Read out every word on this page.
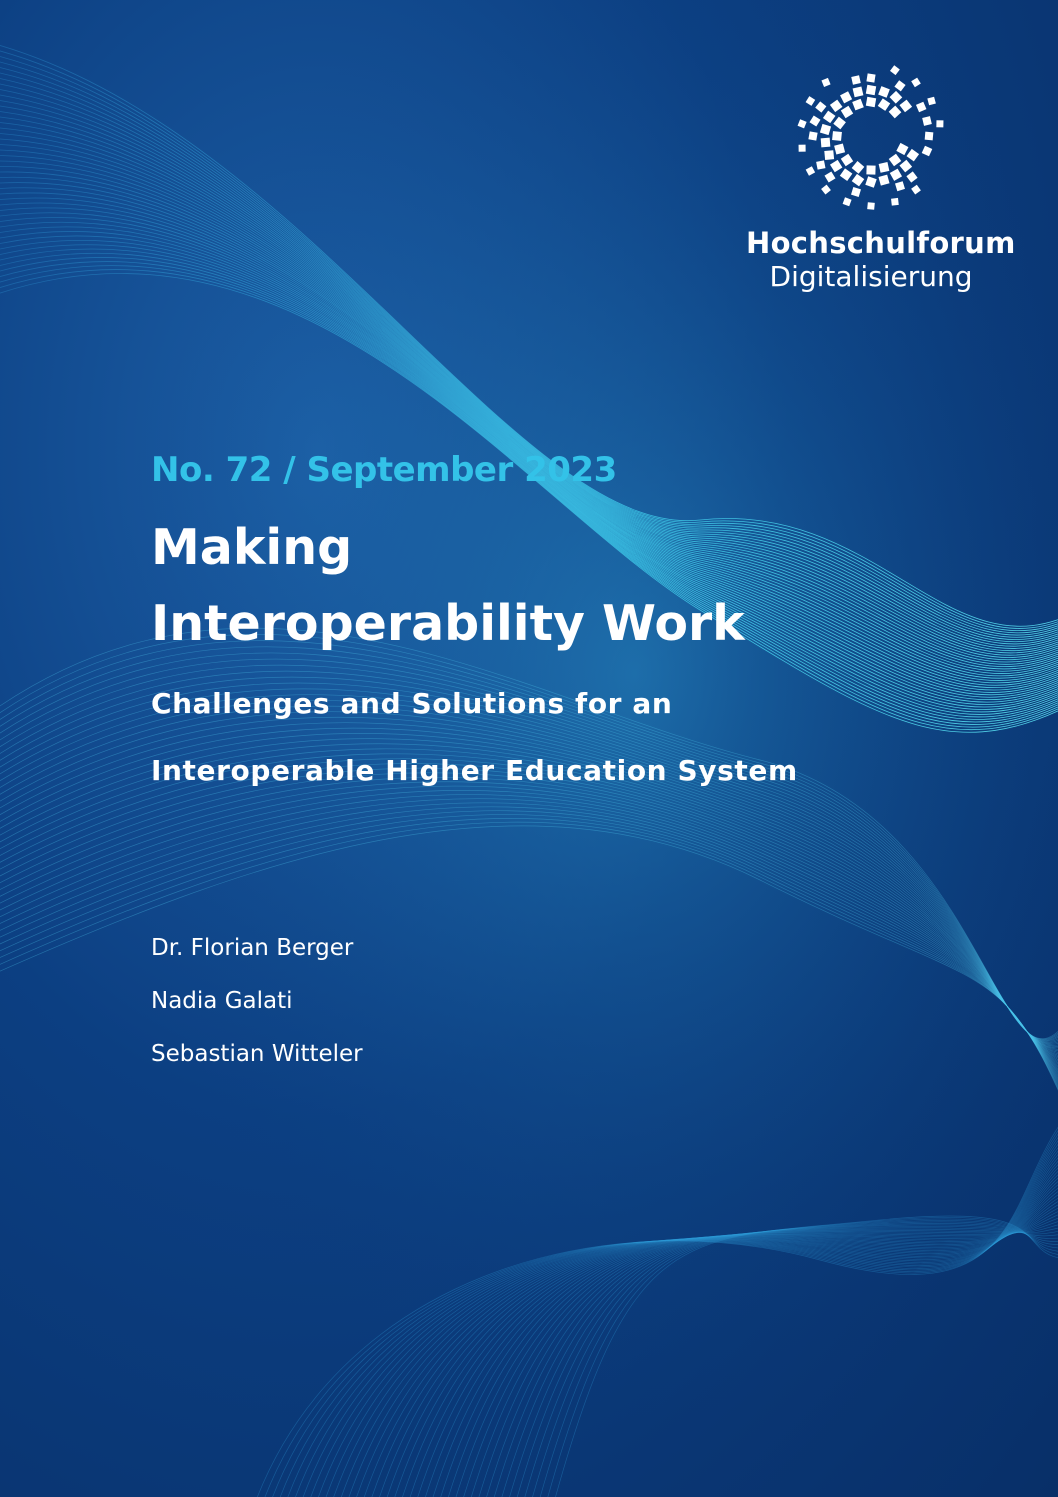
Hochschulforum
Digitalisierung
No. 72 / September 2023
Making Interoperability Work
Challenges and Solutions for an
Interoperable Higher Education System
Dr. Florian Berger
Nadia Galati
Sebastian Witteler
